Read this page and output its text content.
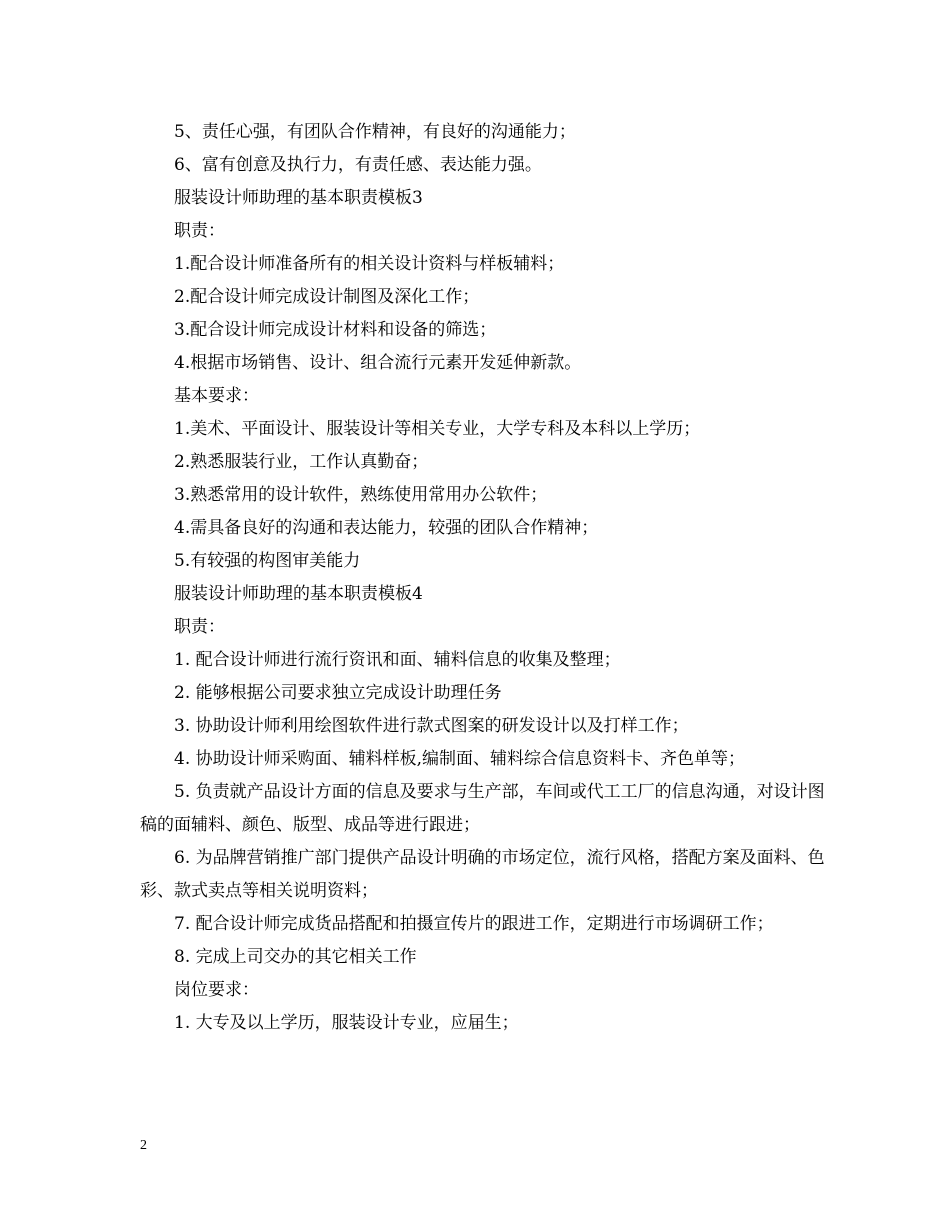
5、责任心强，有团队合作精神，有良好的沟通能力；

6、富有创意及执行力，有责任感、表达能力强。

服装设计师助理的基本职责模板3

职责：

1.配合设计师准备所有的相关设计资料与样板辅料；

2.配合设计师完成设计制图及深化工作；

3.配合设计师完成设计材料和设备的筛选；

4.根据市场销售、设计、组合流行元素开发延伸新款。

基本要求：

1.美术、平面设计、服装设计等相关专业，大学专科及本科以上学历；

2.熟悉服装行业，工作认真勤奋；

3.熟悉常用的设计软件，熟练使用常用办公软件；

4.需具备良好的沟通和表达能力，较强的团队合作精神；

5.有较强的构图审美能力

服装设计师助理的基本职责模板4

职责：

1. 配合设计师进行流行资讯和面、辅料信息的收集及整理；

2. 能够根据公司要求独立完成设计助理任务

3. 协助设计师利用绘图软件进行款式图案的研发设计以及打样工作；

4. 协助设计师采购面、辅料样板,编制面、辅料综合信息资料卡、齐色单等；

5. 负责就产品设计方面的信息及要求与生产部，车间或代工工厂的信息沟通，对设计图稿的面辅料、颜色、版型、成品等进行跟进；

6. 为品牌营销推广部门提供产品设计明确的市场定位，流行风格，搭配方案及面料、色彩、款式卖点等相关说明资料；

7. 配合设计师完成货品搭配和拍摄宣传片的跟进工作，定期进行市场调研工作；

8. 完成上司交办的其它相关工作

岗位要求：

1. 大专及以上学历，服装设计专业，应届生；

2
